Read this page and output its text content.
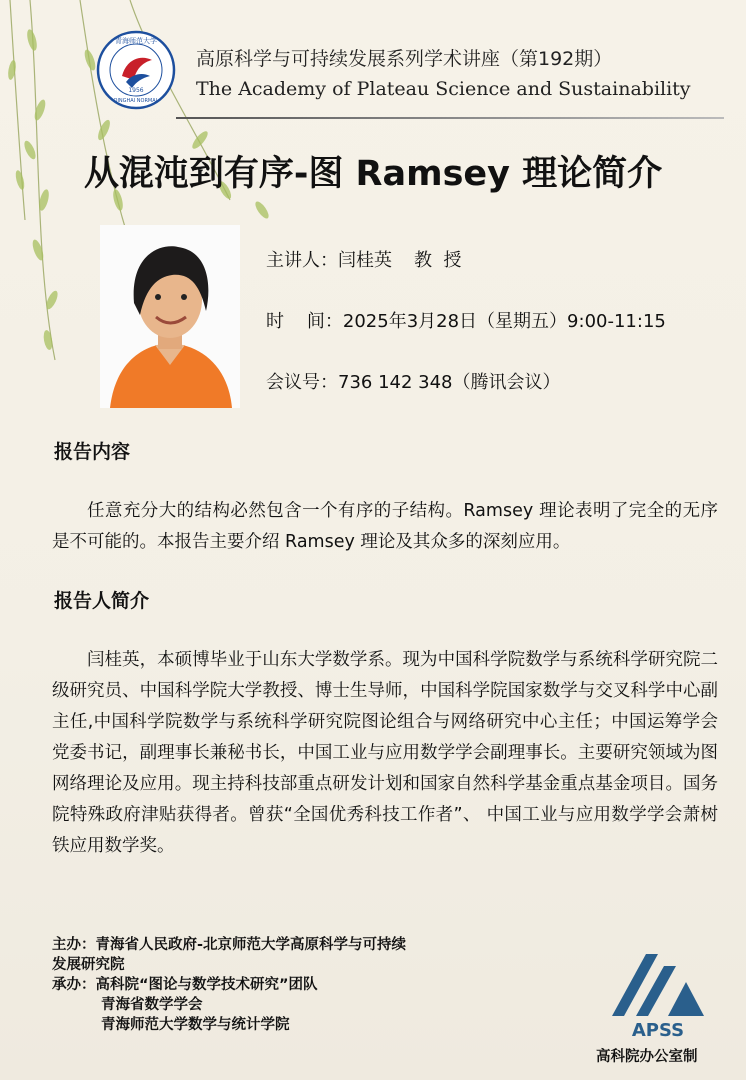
青海师范大学
QINGHAI NORMAL
1956
高原科学与可持续发展系列学术讲座（第192期）
The Academy of Plateau Science and Sustainability
从混沌到有序-图 Ramsey 理论简介
主讲人：闫桂英 教  授
时    间：2025年3月28日（星期五）9:00-11:15
会议号：736 142 348（腾讯会议）
报告内容
任意充分大的结构必然包含一个有序的子结构。Ramsey 理论表明了完全的无序是不可能的。本报告主要介绍 Ramsey 理论及其众多的深刻应用。
报告人简介
闫桂英，本硕博毕业于山东大学数学系。现为中国科学院数学与系统科学研究院二级研究员、中国科学院大学教授、博士生导师，中国科学院国家数学与交叉科学中心副主任,中国科学院数学与系统科学研究院图论组合与网络研究中心主任；中国运筹学会党委书记，副理事长兼秘书长，中国工业与应用数学学会副理事长。主要研究领域为图网络理论及应用。现主持科技部重点研发计划和国家自然科学基金重点基金项目。国务院特殊政府津贴获得者。曾获“全国优秀科技工作者”、 中国工业与应用数学学会萧树铁应用数学奖。
主办：青海省人民政府-北京师范大学高原科学与可持续
发展研究院
承办：高科院“图论与数学技术研究”团队
青海省数学学会
青海师范大学数学与统计学院	APSS
高科院办公室制
